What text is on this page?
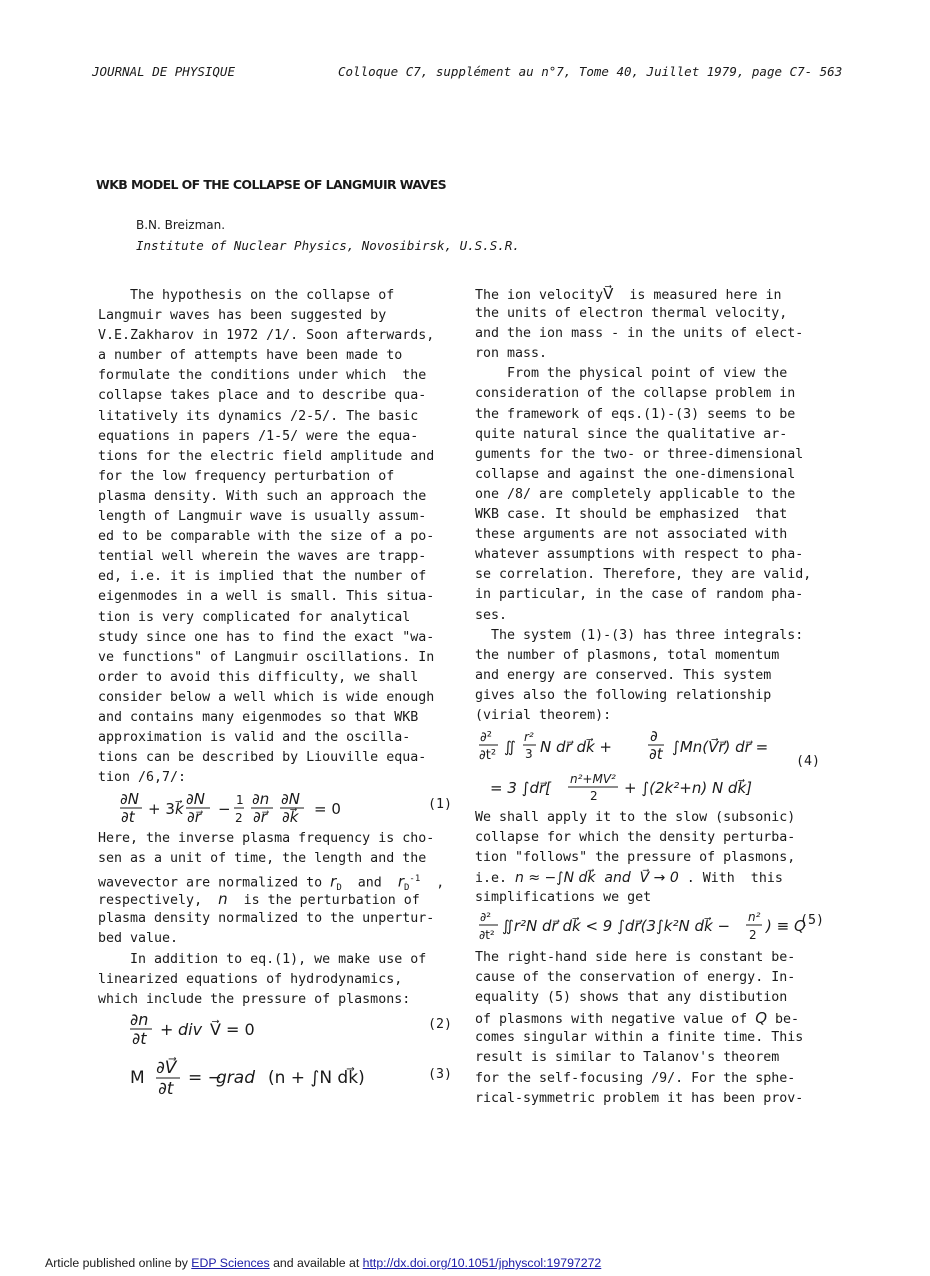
JOURNAL DE PHYSIQUE	Colloque C7, supplément au n°7, Tome 40, Juillet 1979, page C7- 563
WKB MODEL OF THE COLLAPSE OF LANGMUIR WAVES
B.N. Breizman.
Institute of Nuclear Physics, Novosibirsk, U.S.S.R.
The hypothesis on the collapse of
Langmuir waves has been suggested by
V.E.Zakharov in 1972 /1/. Soon afterwards,
a number of attempts have been made to
formulate the conditions under which  the
collapse takes place and to describe qua-
litatively its dynamics /2-5/. The basic
equations in papers /1-5/ were the equa-
tions for the electric field amplitude and
for the low frequency perturbation of
plasma density. With such an approach the
length of Langmuir wave is usually assum-
ed to be comparable with the size of a po-
tential well wherein the waves are trapp-
ed, i.e. it is implied that the number of
eigenmodes in a well is small. This situa-
tion is very complicated for analytical
study since one has to find the exact "wa-
ve functions" of Langmuir oscillations. In
order to avoid this difficulty, we shall
consider below a well which is wide enough
and contains many eigenmodes so that WKB
approximation is valid and the oscilla-
tions can be described by Liouville equa-
tion /6,7/:
∂N
∂t + 3 k⃗
∂N
∂r⃗ − 1
2
∂n
∂r⃗
∂N
∂k⃗ = 0	(1)
Here, the inverse plasma frequency is cho-
sen as a unit of time, the length and the
wavevector are normalized to $r_D$ and $r_D^{-1}$ ,
respectively, n is the perturbation of
plasma density normalized to the unpertur-
bed value.
In addition to eq.(1), we make use of
linearized equations of hydrodynamics,
which include the pressure of plasmons:
∂n
∂t + div V⃗ = 0	(2)
M ∂V⃗
∂t
= −
grad (n + ∫N dk⃗)	(3)
The ion velocityV is measured here in
the units of electron thermal velocity,
and the ion mass - in the units of elect-
ron mass.
From the physical point of view the
consideration of the collapse problem in
the framework of eqs.(1)-(3) seems to be
quite natural since the qualitative ar-
guments for the two- or three-dimensional
collapse and against the one-dimensional
one /8/ are completely applicable to the
WKB case. It should be emphasized  that
these arguments are not associated with
whatever assumptions with respect to pha-
se correlation. Therefore, they are valid,
in particular, in the case of random pha-
ses.
The system (1)-(3) has three integrals:
the number of plasmons, total momentum
and energy are conserved. This system
gives also the following relationship
(virial theorem):
∂²
∂t² ∬
r²
3 N dr⃗ dk⃗ +
∂
∂t ∫Mn(V⃗r⃗) dr⃗ =
= 3 ∫dr⃗[ n²+MV²
2 + ∫(2k²+n) N dk⃗]
(4)
We shall apply it to the slow (subsonic)
collapse for which the density perturba-
tion "follows" the pressure of plasmons,
i.e. n ≈ −∫N dk⃗  and  V⃗ → 0 . With  this
simplifications we get
∂²
∂t² ∬r²N dr⃗ dk⃗ < 9 ∫dr⃗(3∫k²N dk⃗ − n²
2 ) ≡ Q
(5)
The right-hand side here is constant be-
cause of the conservation of energy. In-
equality (5) shows that any distibution
of plasmons with negative value of Q be-
comes singular within a finite time. This
result is similar to Talanov's theorem
for the self-focusing /9/. For the sphe-
rical-symmetric problem it has been prov-
Article published online by EDP Sciences and available at http://dx.doi.org/10.1051/jphyscol:19797272
